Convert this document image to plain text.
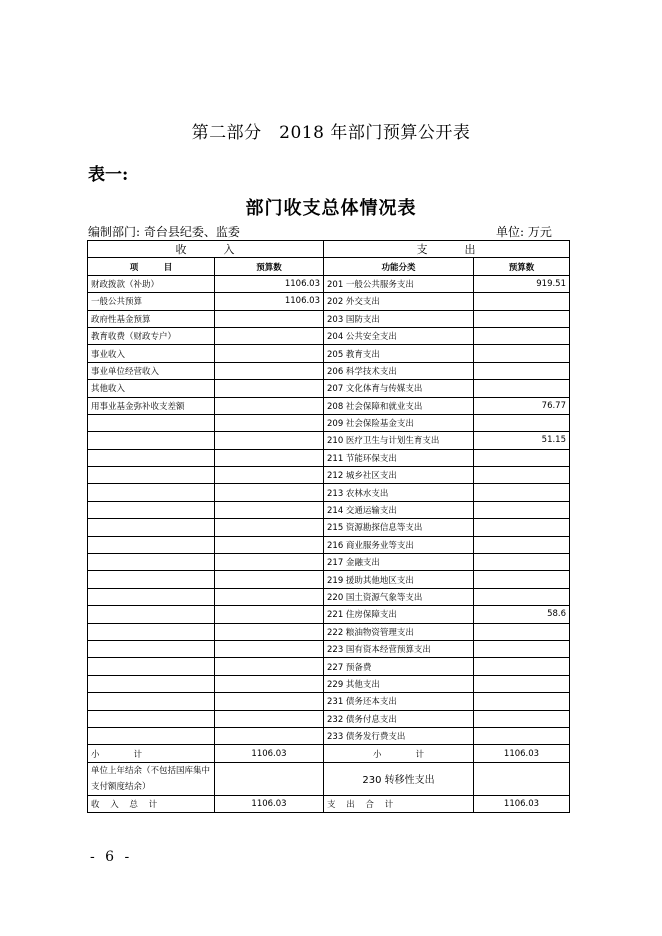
第二部分　2018 年部门预算公开表
表一:
部门收支总体情况表
编制部门: 奇台县纪委、监委	单位: 万元
收　　　入		支　　　出	
项　　　目	预算数	功能分类	预算数
财政拨款（补助）	1106.03	201 一般公共服务支出	919.51
一般公共预算	1106.03	202 外交支出	
政府性基金预算		203 国防支出	
教育收费（财政专户）		204 公共安全支出	
事业收入		205 教育支出	
事业单位经营收入		206 科学技术支出	
其他收入		207 文化体育与传媒支出	
用事业基金弥补收支差额		208 社会保障和就业支出	76.77
		209 社会保险基金支出	
		210 医疗卫生与计划生育支出	51.15
		211 节能环保支出	
		212 城乡社区支出	
		213 农林水支出	
		214 交通运输支出	
		215 资源勘探信息等支出	
		216 商业服务业等支出	
		217 金融支出	
		219 援助其他地区支出	
		220 国土资源气象等支出	
		221 住房保障支出	58.6
		222 粮油物资管理支出	
		223 国有资本经营预算支出	
		227 预备费	
		229 其他支出	
		231 债务还本支出	
		232 债务付息支出	
		233 债务发行费支出	
小　　　　计	1106.03	小　　　　计	1106.03
单位上年结余（不包括国库集中支付额度结余）		230 转移性支出	
收 入 总 计	1106.03	支 出 合 计	1106.03
- 6 -
